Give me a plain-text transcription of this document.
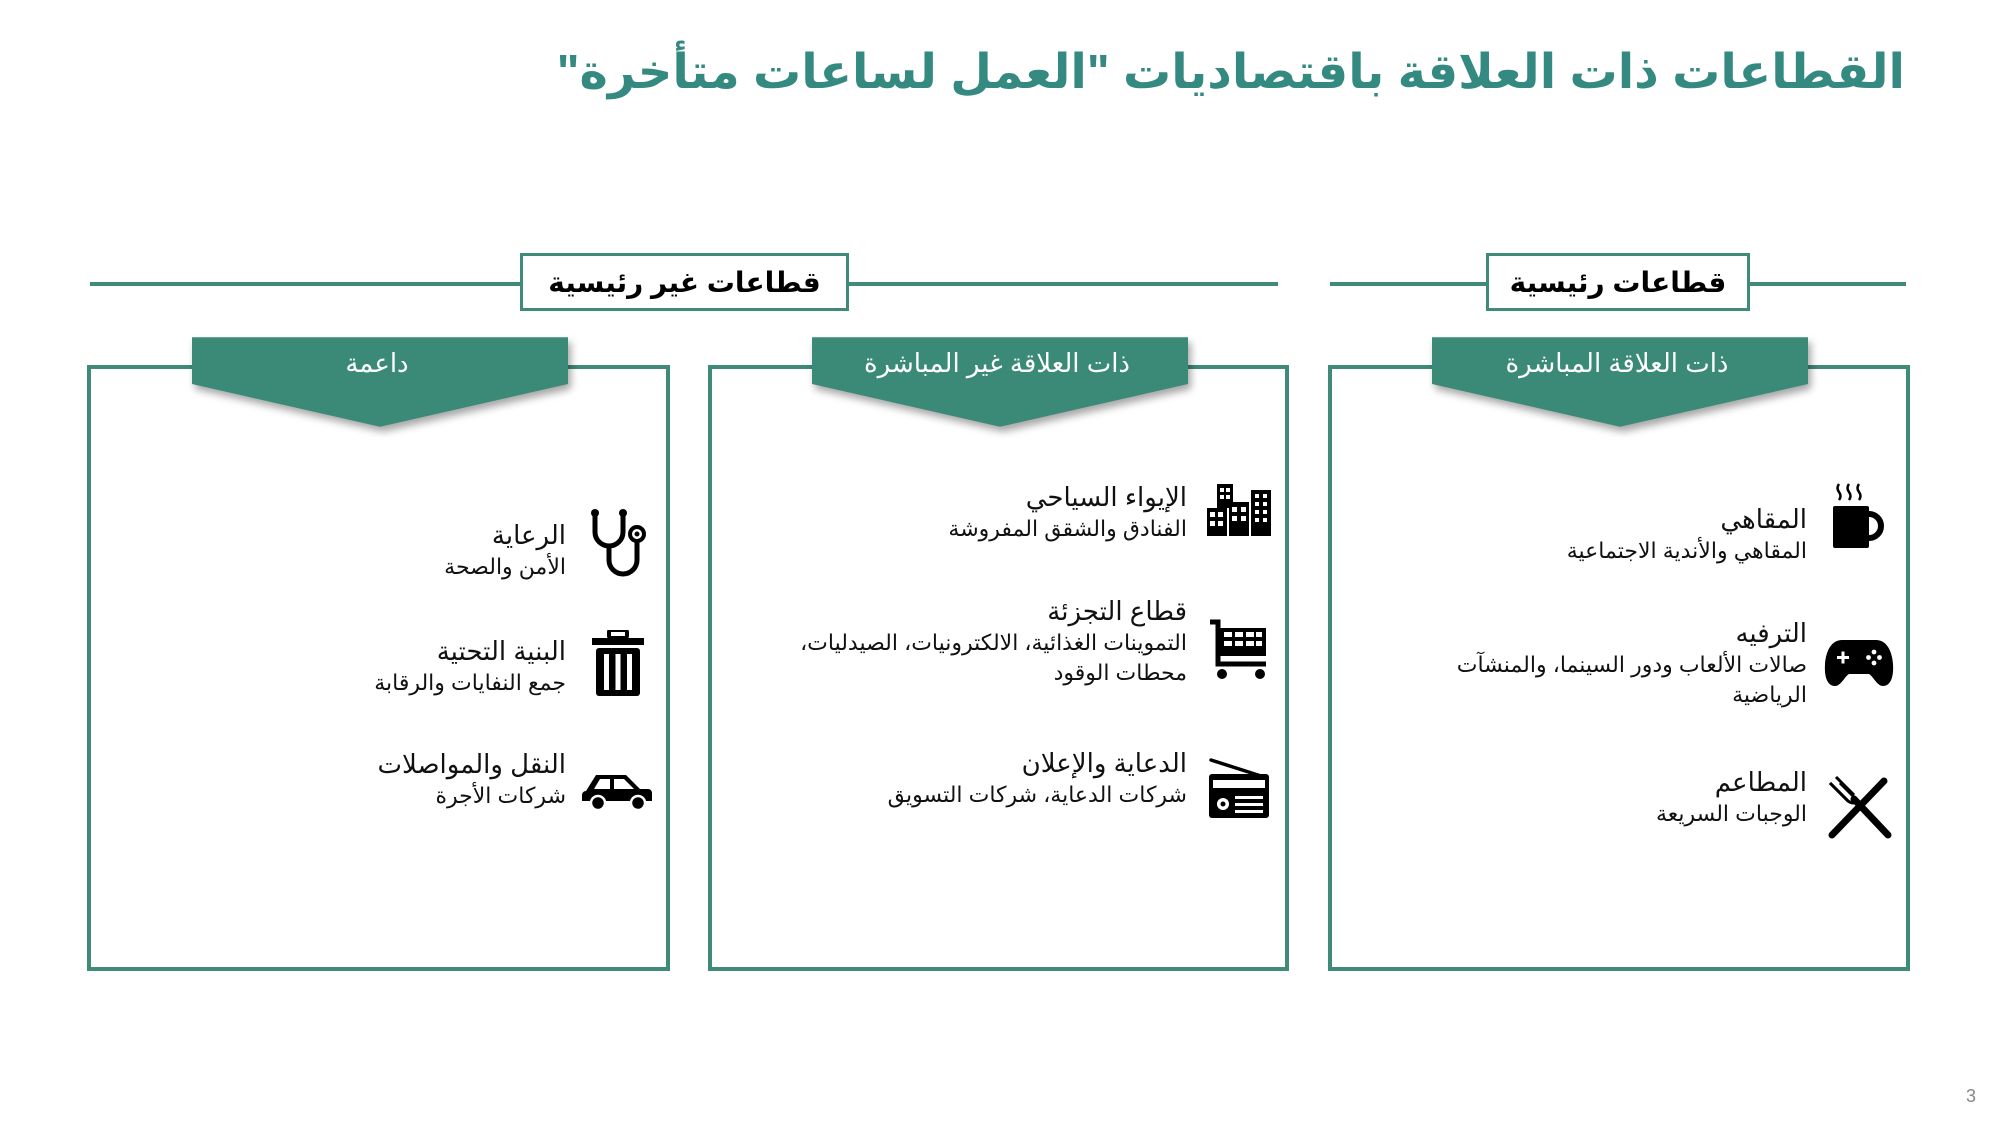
القطاعات ذات العلاقة باقتصاديات "العمل لساعات متأخرة"
قطاعات رئيسية
قطاعات غير رئيسية
ذات العلاقة المباشرة
ذات العلاقة غير المباشرة
داعمة
المقاهي
المقاهي والأندية الاجتماعية
الترفيه
صالات الألعاب ودور السينما، والمنشآت الرياضية
المطاعم
الوجبات السريعة
الإيواء السياحي
الفنادق والشقق المفروشة
قطاع التجزئة
التموينات الغذائية، الالكترونيات، الصيدليات، محطات الوقود
الدعاية والإعلان
شركات الدعاية، شركات التسويق
الرعاية
الأمن والصحة
البنية التحتية
جمع النفايات والرقابة
النقل والمواصلات
شركات الأجرة
3
